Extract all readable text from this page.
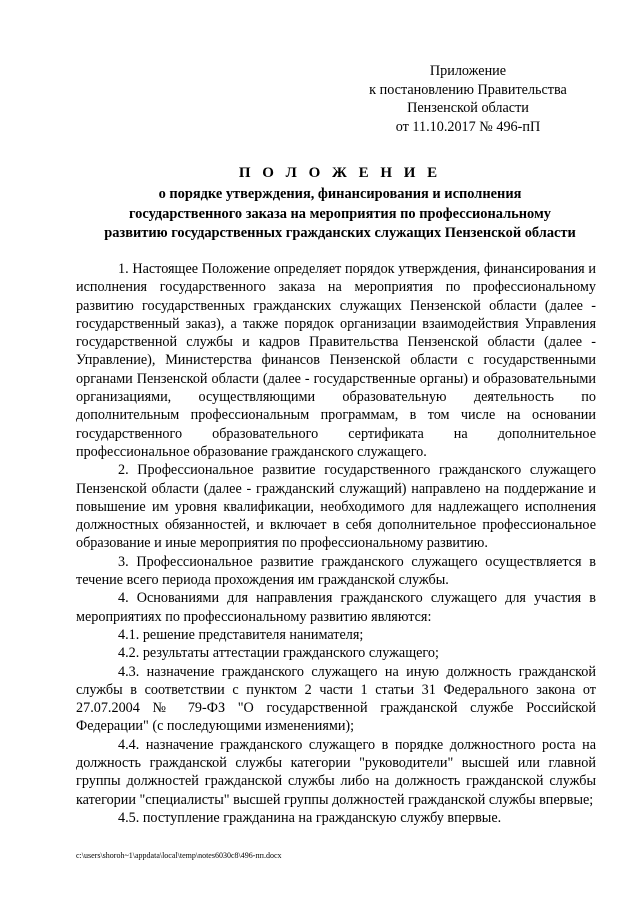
Приложение
к постановлению Правительства
Пензенской области
от 11.10.2017 № 496-пП
П О Л О Ж Е Н И Е
о порядке утверждения, финансирования и исполнения
государственного заказа на мероприятия по профессиональному
развитию государственных гражданских служащих Пензенской области

1. Настоящее Положение определяет порядок утверждения, финансирования и исполнения государственного заказа на мероприятия по профессиональному развитию государственных гражданских служащих Пензенской области (далее - государственный заказ), а также порядок организации взаимодействия Управления государственной службы и кадров Правительства Пензенской области (далее - Управление), Министерства финансов Пензенской области с государственными органами Пензенской области (далее - государственные органы) и образовательными организациями, осуществляющими образовательную деятельность по дополнительным профессиональным программам, в том числе на основании государственного образовательного сертификата на дополнительное профессиональное образование гражданского служащего.

2. Профессиональное развитие государственного гражданского служащего Пензенской области (далее - гражданский служащий) направлено на поддержание и повышение им уровня квалификации, необходимого для надлежащего исполнения должностных обязанностей, и включает в себя дополнительное профессиональное образование и иные мероприятия по профессиональному развитию.

3. Профессиональное развитие гражданского служащего осуществляется в течение всего периода прохождения им гражданской службы.

4. Основаниями для направления гражданского служащего для участия в мероприятиях по профессиональному развитию являются:

4.1. решение представителя нанимателя;

4.2. результаты аттестации гражданского служащего;

4.3. назначение гражданского служащего на иную должность гражданской службы в соответствии с пунктом 2 части 1 статьи 31 Федерального закона от 27.07.2004 № 79-ФЗ "О государственной гражданской службе Российской Федерации" (с последующими изменениями);

4.4. назначение гражданского служащего в порядке должностного роста на должность гражданской службы категории "руководители" высшей или главной группы должностей гражданской службы либо на должность гражданской службы категории "специалисты" высшей группы должностей гражданской службы впервые;

4.5. поступление гражданина на гражданскую службу впервые.

c:\users\shoroh~1\appdata\local\temp\notes6030c8\496-пп.docx
